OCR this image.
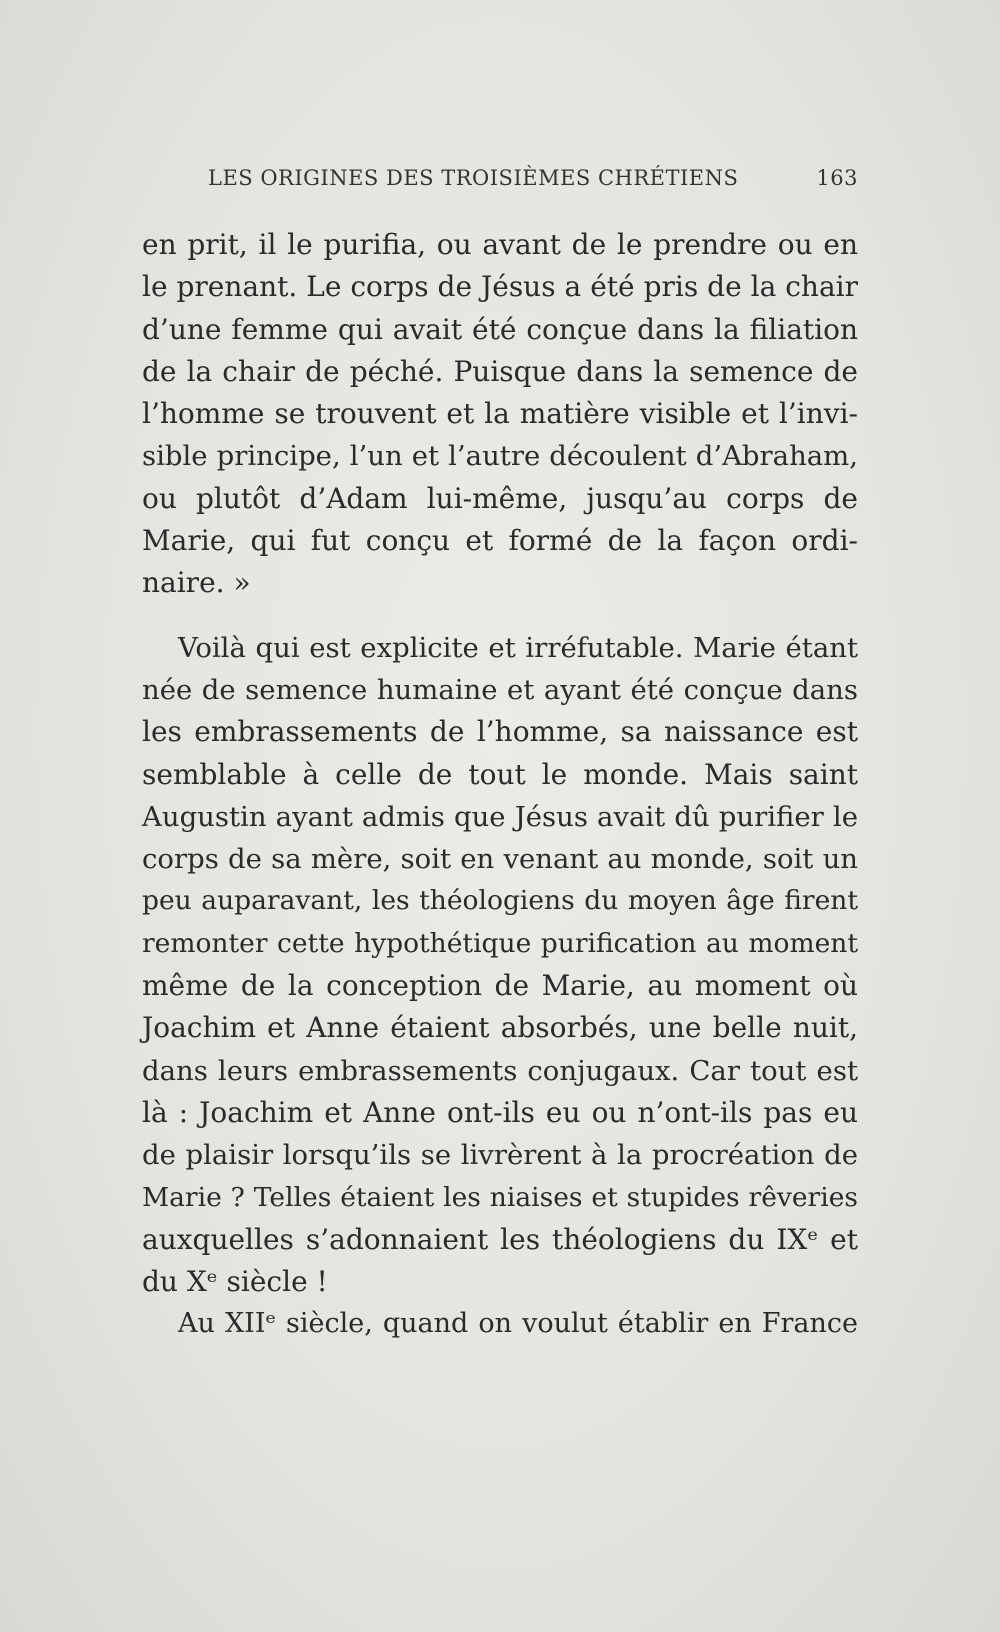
LES ORIGINES DES TROISIÈMES CHRÉTIENS	163
en prit, il le purifia, ou avant de le prendre ou en
le prenant. Le corps de Jésus a été pris de la chair
d’une femme qui avait été conçue dans la filiation
de la chair de péché. Puisque dans la semence de
l’homme se trouvent et la matière visible et l’invi-
sible principe, l’un et l’autre découlent d’Abraham,
ou plutôt d’Adam lui-même, jusqu’au corps de
Marie, qui fut conçu et formé de la façon ordi-
naire. »
Voilà qui est explicite et irréfutable. Marie étant
née de semence humaine et ayant été conçue dans
les embrassements de l’homme, sa naissance est
semblable à celle de tout le monde. Mais saint
Augustin ayant admis que Jésus avait dû purifier le
corps de sa mère, soit en venant au monde, soit un
peu auparavant, les théologiens du moyen âge firent
remonter cette hypothétique purification au moment
même de la conception de Marie, au moment où
Joachim et Anne étaient absorbés, une belle nuit,
dans leurs embrassements conjugaux. Car tout est
là : Joachim et Anne ont-ils eu ou n’ont-ils pas eu
de plaisir lorsqu’ils se livrèrent à la procréation de
Marie ? Telles étaient les niaises et stupides rêveries
auxquelles s’adonnaient les théologiens du IXᵉ et
du Xᵉ siècle !
Au XIIᵉ siècle, quand on voulut établir en France
